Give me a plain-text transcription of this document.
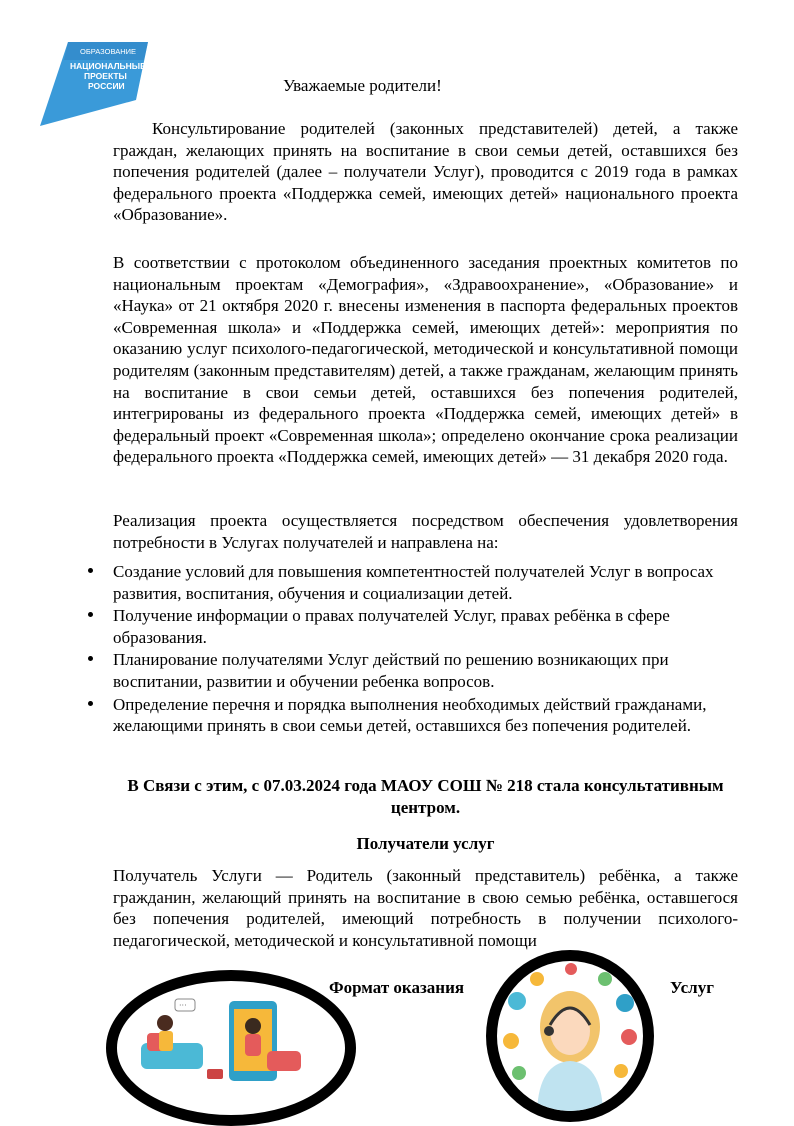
ОБРАЗОВАНИЕ
НАЦИОНАЛЬНЫЕ
ПРОЕКТЫ
РОССИИ	Уважаемые родители!
Консультирование родителей (законных представителей) детей, а также граждан, желающих принять на воспитание в свои семьи детей, оставшихся без попечения родителей (далее – получатели Услуг), проводится с 2019 года в рамках федерального проекта «Поддержка семей, имеющих детей» национального проекта «Образование».
В соответствии с протоколом объединенного заседания проектных комитетов по национальным проектам «Демография», «Здравоохранение», «Образование» и «Наука» от 21 октября 2020 г. внесены изменения в паспорта федеральных проектов «Современная школа» и «Поддержка семей, имеющих детей»: мероприятия по оказанию услуг психолого-педагогической, методической и консультативной помощи родителям (законным представителям) детей, а также гражданам, желающим принять на воспитание в свои семьи детей, оставшихся без попечения родителей, интегрированы из федерального проекта «Поддержка семей, имеющих детей» в федеральный проект «Современная школа»; определено окончание срока реализации федерального проекта «Поддержка семей, имеющих детей» — 31 декабря 2020 года.
Реализация проекта осуществляется посредством обеспечения удовлетворения потребности в Услугах получателей и направлена на:
Создание условий для повышения компетентностей получателей Услуг в вопросах развития, воспитания, обучения и социализации детей.
Получение информации о правах получателей Услуг, правах ребёнка в сфере образования.
Планирование получателями Услуг действий по решению возникающих при воспитании, развитии и обучении ребенка вопросов.
Определение перечня и порядка выполнения необходимых действий гражданами, желающими принять в свои семьи детей, оставшихся без попечения родителей.
В Связи с этим, с 07.03.2024 года МАОУ СОШ № 218 стала консультативным центром.
Получатели услуг
Получатель Услуги — Родитель (законный представитель) ребёнка, а также гражданин, желающий принять на воспитание в свою семью ребёнка, оставшегося без попечения родителей, имеющий потребность в получении психолого-педагогической, методической и консультативной помощи
Формат оказания	Услуг
···
